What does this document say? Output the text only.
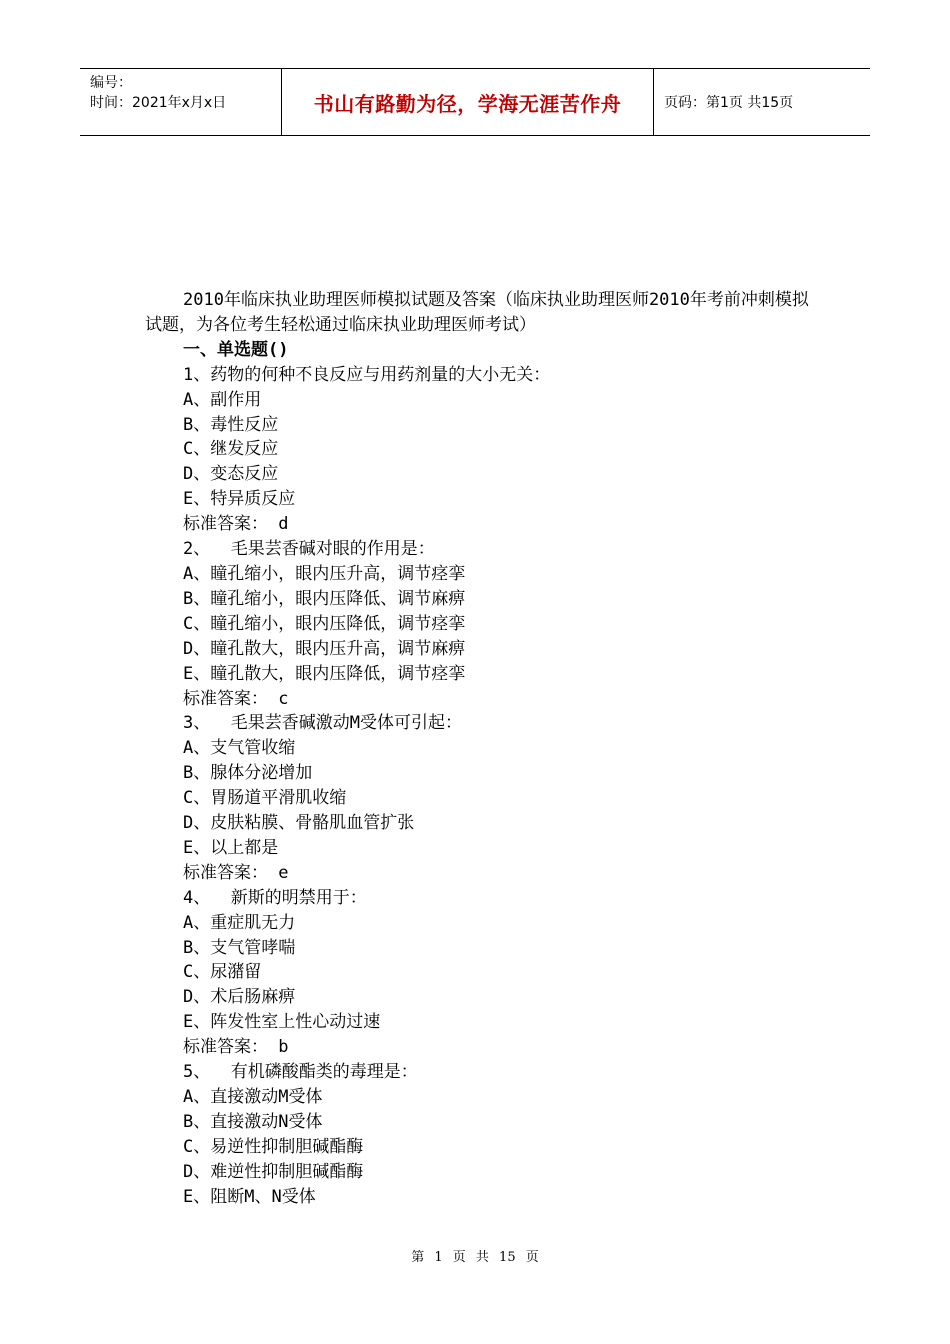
编号：
时间：2021年x月x日	书山有路勤为径，学海无涯苦作舟	页码：第1页 共15页

2010年临床执业助理医师模拟试题及答案（临床执业助理医师2010年考前冲刺模拟试题，为各位考生轻松通过临床执业助理医师考试）

一、单选题()

1、药物的何种不良反应与用药剂量的大小无关：

A、副作用

B、毒性反应

C、继发反应

D、变态反应

E、特异质反应

标准答案： d

2、  毛果芸香碱对眼的作用是：

A、瞳孔缩小，眼内压升高，调节痉挛

B、瞳孔缩小，眼内压降低、调节麻痹

C、瞳孔缩小，眼内压降低，调节痉挛

D、瞳孔散大，眼内压升高，调节麻痹

E、瞳孔散大，眼内压降低，调节痉挛

标准答案： c

3、  毛果芸香碱激动M受体可引起：

A、支气管收缩

B、腺体分泌增加

C、胃肠道平滑肌收缩

D、皮肤粘膜、骨骼肌血管扩张

E、以上都是

标准答案： e

4、  新斯的明禁用于：

A、重症肌无力

B、支气管哮喘

C、尿潴留

D、术后肠麻痹

E、阵发性室上性心动过速

标准答案： b

5、  有机磷酸酯类的毒理是：

A、直接激动M受体

B、直接激动N受体

C、易逆性抑制胆碱酯酶

D、难逆性抑制胆碱酯酶

E、阻断M、N受体

第 1 页 共 15 页
